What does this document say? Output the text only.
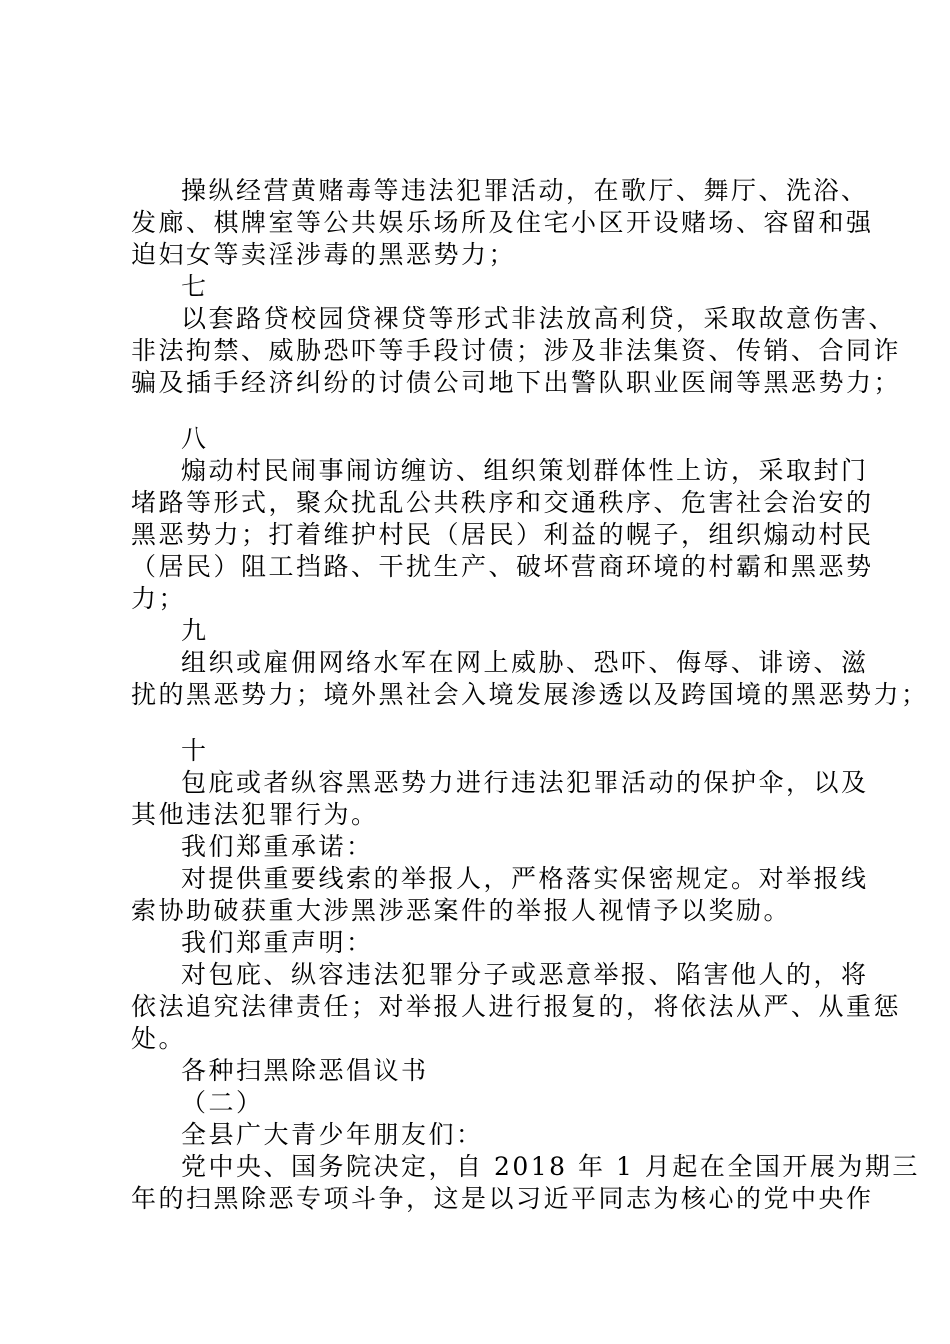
操纵经营黄赌毒等违法犯罪活动，在歌厅、舞厅、洗浴、
发廊、棋牌室等公共娱乐场所及住宅小区开设赌场、容留和强
迫妇女等卖淫涉毒的黑恶势力；
七
以套路贷校园贷裸贷等形式非法放高利贷，采取故意伤害、
非法拘禁、威胁恐吓等手段讨债；涉及非法集资、传销、合同诈
骗及插手经济纠纷的讨债公司地下出警队职业医闹等黑恶势力；
八
煽动村民闹事闹访缠访、组织策划群体性上访，采取封门
堵路等形式，聚众扰乱公共秩序和交通秩序、危害社会治安的
黑恶势力；打着维护村民（居民）利益的幌子，组织煽动村民
（居民）阻工挡路、干扰生产、破坏营商环境的村霸和黑恶势
力；
九
组织或雇佣网络水军在网上威胁、恐吓、侮辱、诽谤、滋
扰的黑恶势力；境外黑社会入境发展渗透以及跨国境的黑恶势力；
十
包庇或者纵容黑恶势力进行违法犯罪活动的保护伞，以及
其他违法犯罪行为。
我们郑重承诺：
对提供重要线索的举报人，严格落实保密规定。对举报线
索协助破获重大涉黑涉恶案件的举报人视情予以奖励。
我们郑重声明：
对包庇、纵容违法犯罪分子或恶意举报、陷害他人的，将
依法追究法律责任；对举报人进行报复的，将依法从严、从重惩
处。
各种扫黑除恶倡议书
（二）
全县广大青少年朋友们：
党中央、国务院决定，自 2018 年 1 月起在全国开展为期三
年的扫黑除恶专项斗争，这是以习近平同志为核心的党中央作
